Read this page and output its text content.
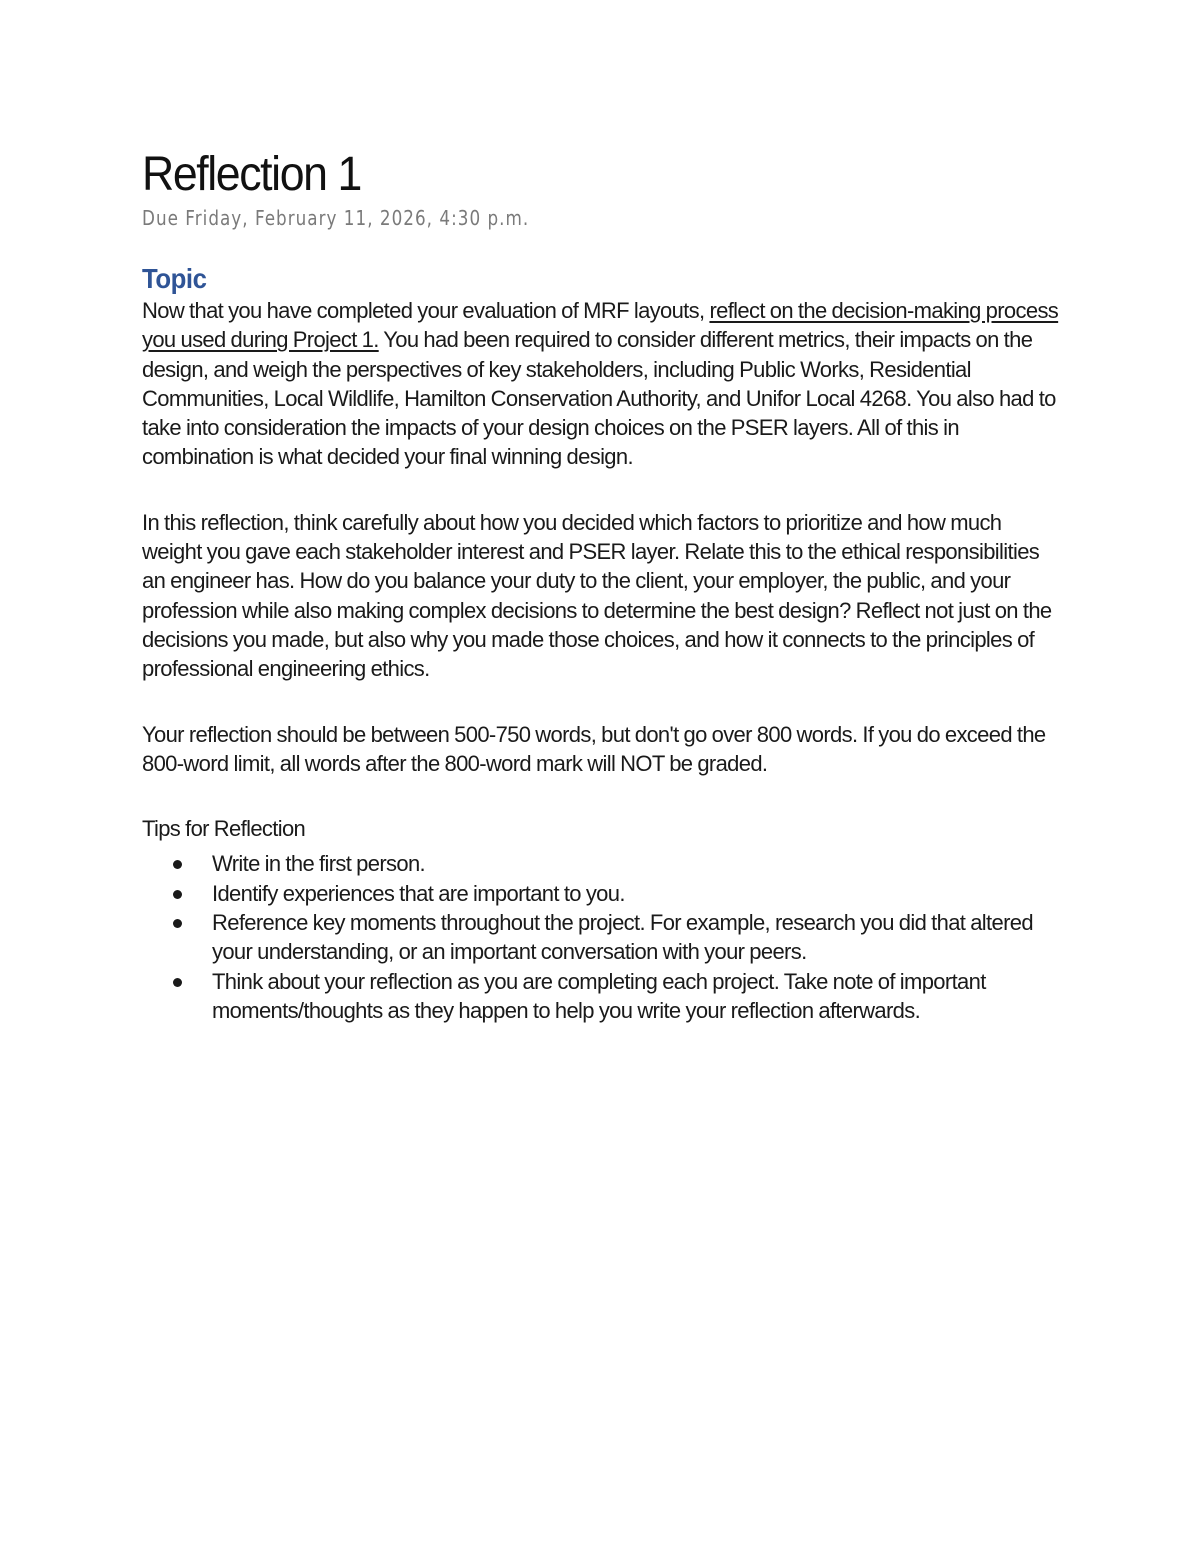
Reflection 1

Due Friday, February 11, 2026, 4:30 p.m.

Topic

Now that you have completed your evaluation of MRF layouts, reflect on the decision-making process you used during Project 1. You had been required to consider different metrics, their impacts on the design, and weigh the perspectives of key stakeholders, including Public Works, Residential Communities, Local Wildlife, Hamilton Conservation Authority, and Unifor Local 4268. You also had to take into consideration the impacts of your design choices on the PSER layers. All of this in combination is what decided your final winning design.

In this reflection, think carefully about how you decided which factors to prioritize and how much weight you gave each stakeholder interest and PSER layer. Relate this to the ethical responsibilities an engineer has. How do you balance your duty to the client, your employer, the public, and your profession while also making complex decisions to determine the best design? Reflect not just on the decisions you made, but also why you made those choices, and how it connects to the principles of professional engineering ethics.

Your reflection should be between 500-750 words, but don't go over 800 words. If you do exceed the 800-word limit, all words after the 800-word mark will NOT be graded.

Tips for Reflection

Write in the first person.
Identify experiences that are important to you.
Reference key moments throughout the project. For example, research you did that altered your understanding, or an important conversation with your peers.
Think about your reflection as you are completing each project. Take note of important moments/thoughts as they happen to help you write your reflection afterwards.
